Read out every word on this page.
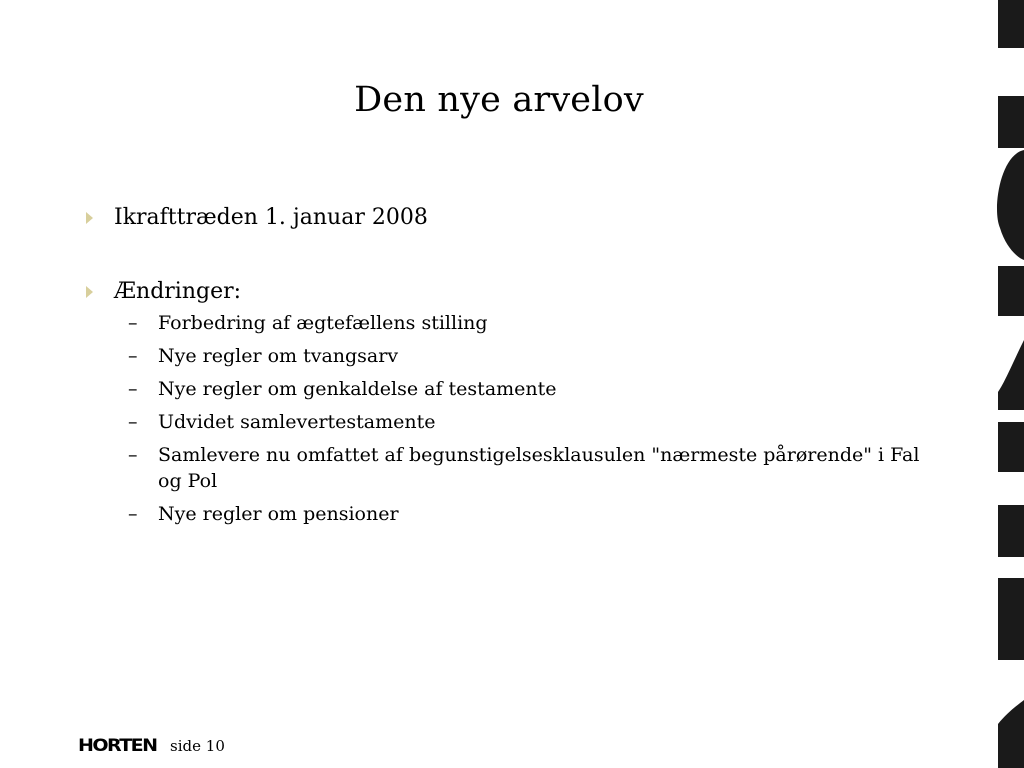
Den nye arvelov
Ikrafttræden 1. januar 2008
Ændringer:
– Forbedring af ægtefællens stilling
– Nye regler om tvangsarv
– Nye regler om genkaldelse af testamente
– Udvidet samlevertestamente
– Samlevere nu omfattet af begunstigelsesklausulen "nærmeste pårørende" i Fal og Pol
– Nye regler om pensioner
HORTEN side 10
